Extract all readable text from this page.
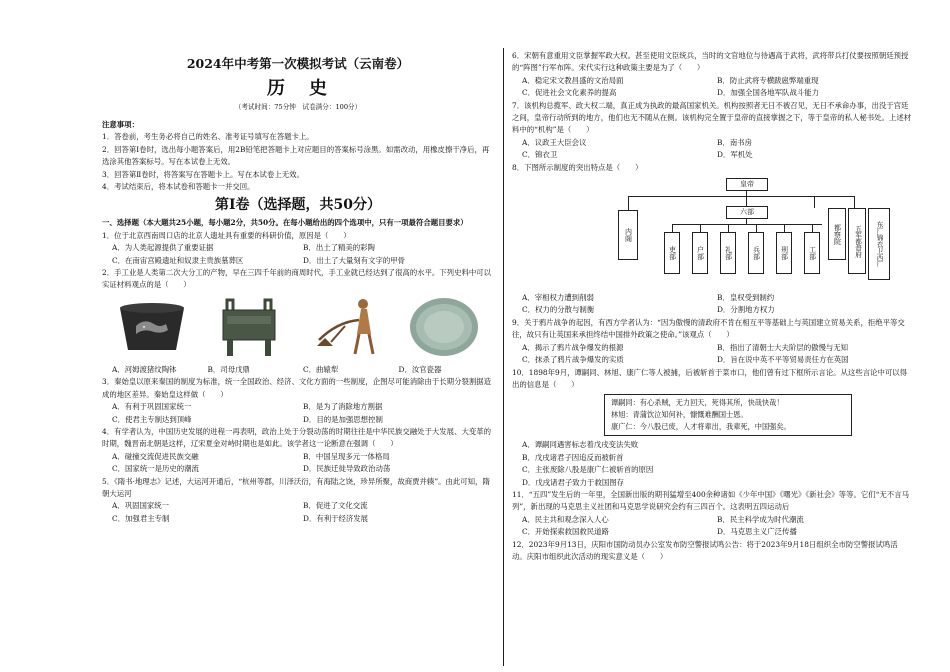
2024年中考第一次模拟考试（云南卷）
历史
（考试时间：75分钟　试卷满分：100分）
注意事项：
1．答卷前，考生务必将自己的姓名、准考证号填写在答题卡上。
2．回答第Ⅰ卷时，选出每小题答案后，用2B铅笔把答题卡上对应题目的答案标号涂黑。如需改动，用橡皮擦干净后，再选涂其他答案标号。写在本试卷上无效。
3．回答第Ⅱ卷时，将答案写在答题卡上。写在本试卷上无效。
4．考试结束后，将本试卷和答题卡一并交回。
第Ⅰ卷（选择题，共50分）
一、选择题（本大题共25小题，每小题2分，共50分。在每小题给出的四个选项中，只有一项最符合题目要求）
1．位于北京西南周口店的北京人遗址具有重要的科研价值，原因是（　　）
A．为人类起源提供了重要证据	B．出土了精美的彩陶
C．在南宙宫殿遗址和奴隶主贵族墓葬区	D．出土了大量刻有文字的甲骨
2．手工业是人类第二次大分工的产物，早在三四千年前的商周时代，手工业就已经达到了很高的水平。下列史料中可以实证材料观点的是（　　）
A．河姆渡猪纹陶钵	B．司母戊鼎	C．曲辕犁	D．汝官瓷器
3．秦始皇以原来秦国的制度为标准，统一全国政治、经济、文化方面的一些制度，企图尽可能消除由于长期分裂割据造成的地区差异。秦始皇这样做（　　）
A．有利于巩固国家统一	B．是为了消除地方割据
C．使君主专制达到顶峰	D．目的是加强思想控制
4．有学者认为，中国历史发展的进程一再表明，政治上处于分裂动荡的时期往往是中华民族交融处于大发展、大变革的时期，魏晋南北朝是这样，辽宋夏金对峙时期也是如此。该学者这一论断意在强调（　　）
A．碰撞交流促进民族交融	B．中国呈现多元一体格局
C．国家统一是历史的潮流	D．民族迁徙导致政治动荡
5．《隋书·地理志》记述，大运河开通后，“杭州等郡，川泽沃衍，有海陆之饶，珍异所聚，故商贾并辏”。由此可知，隋朝大运河
A．巩固国家统一	B．促进了文化交流
C．加强君主专制	D．有利于经济发展
6．宋朝有意重用文臣掌握军政大权。甚至使用文臣统兵，当时的文官地位与待遇高于武将，武将带兵打仗要按照朝廷预授的“阵图”行军布阵。宋代实行这种政策主要是为了（　　）
A．稳定宋文教昌盛的文治局面	B．防止武将专横跋扈弊端重现
C．促进社会文化素养的提高	D．加强全国各地军队战斗能力
7．该机构总揽军、政大权二端，真正成为执政的最高国家机关。机构按照者无日不被召见，无日不承命办事，出没于宫廷之间，皇帝行动所到的地方，他们也无不随从在侧。该机构完全置于皇帝的直接掌握之下，等于皇帝的私人秘书处。上述材料中的“机构”是（　　）
A．议政王大臣会议	B．南书房
C．锦衣卫	D．军机处
8．下图所示制度的突出特点是（　　）
皇帝
内阁
六部
吏部	户部	礼部	兵部	刑部	工部
都察院	五军都督府	东厂锦衣卫西厂
A．宰相权力遭到削弱	B．皇权受到制约
C．权力的分散与制衡	D．分割地方权力
9．关于鸦片战争的起因，有西方学者认为：“因为傲慢的清政府不肯在相互平等基础上与英国建立贸易关系，拒绝平等交往，故只有让英国来承担终结中国排外政策之使命。”该观点（　　）
A．揭示了鸦片战争爆发的根源	B．指出了清朝士大夫阶层的傲慢与无知
C．抹杀了鸦片战争爆发的实质	D．旨在说中英不平等贸易责任方在英国
10．1898年9月，谭嗣同、林旭、康广仁等人被捕，后被斩首于菜市口，他们曾有过下框所示言论。从这些言论中可以得出的信息是（　　）
谭嗣同：有心杀贼，无力回天，死得其所，快哉快哉！
林旭：青蒲饮泣知何补，慷慨难酬国士恩。
康广仁：今八股已废，人才将辈出，我辈死，中国强矣。
A．谭嗣同遇害标志着戊戌变法失败
B．戊戌诸君子因追反而被斩首
C．主张废除八股是康广仁被斩首的原因
D．戊戌诸君子致力于救国图存
11．“五四”发生后的一年里，全国新出版的期刊猛增至400余种诸如《少年中国》《曙光》《新社会》等等。它们“无不言马列”，新出现的马克思主义社团和马克思学说研究会约有三四百个。这表明五四运动后
A．民主共和观念深入人心	B．民主科学成为时代潮流
C．开始探索救国救民道路	D．马克思主义广泛传播
12．2023年9月13日，庆阳市国防动员办公室发布防空警报试鸣公告：将于2023年9月18日组织全市防空警报试鸣活动。庆阳市组织此次活动的现实意义是（　　）
